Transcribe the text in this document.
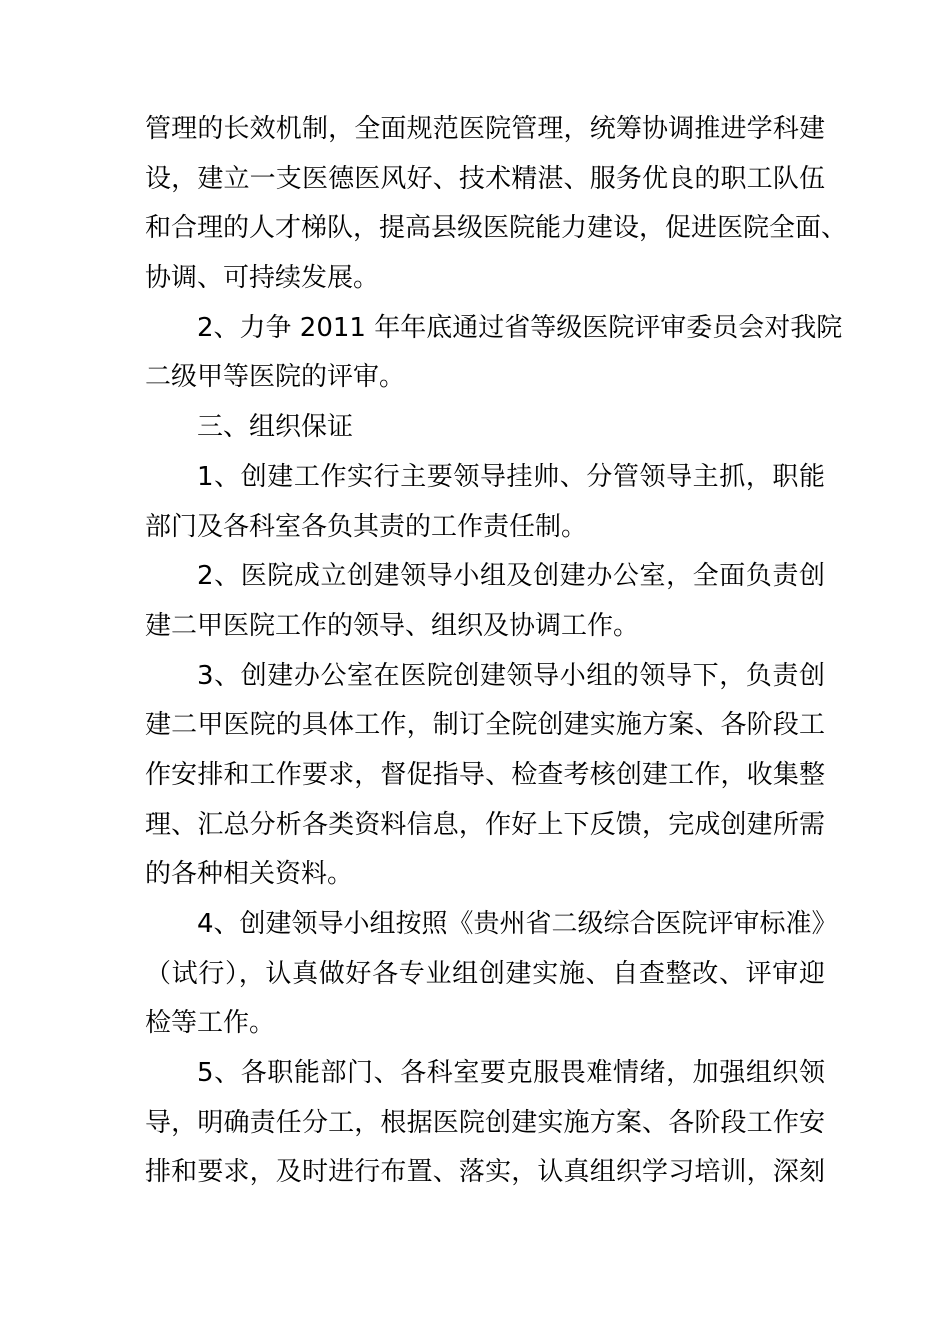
管理的长效机制，全面规范医院管理，统筹协调推进学科建
设，建立一支医德医风好、技术精湛、服务优良的职工队伍
和合理的人才梯队，提高县级医院能力建设，促进医院全面、
协调、可持续发展。
2、力争 2011 年年底通过省等级医院评审委员会对我院
二级甲等医院的评审。
三、组织保证
1、创建工作实行主要领导挂帅、分管领导主抓，职能
部门及各科室各负其责的工作责任制。
2、医院成立创建领导小组及创建办公室，全面负责创
建二甲医院工作的领导、组织及协调工作。
3、创建办公室在医院创建领导小组的领导下，负责创
建二甲医院的具体工作，制订全院创建实施方案、各阶段工
作安排和工作要求，督促指导、检查考核创建工作，收集整
理、汇总分析各类资料信息，作好上下反馈，完成创建所需
的各种相关资料。
4、创建领导小组按照《贵州省二级综合医院评审标准》
（试行），认真做好各专业组创建实施、自查整改、评审迎
检等工作。
5、各职能部门、各科室要克服畏难情绪，加强组织领
导，明确责任分工，根据医院创建实施方案、各阶段工作安
排和要求，及时进行布置、落实，认真组织学习培训，深刻
